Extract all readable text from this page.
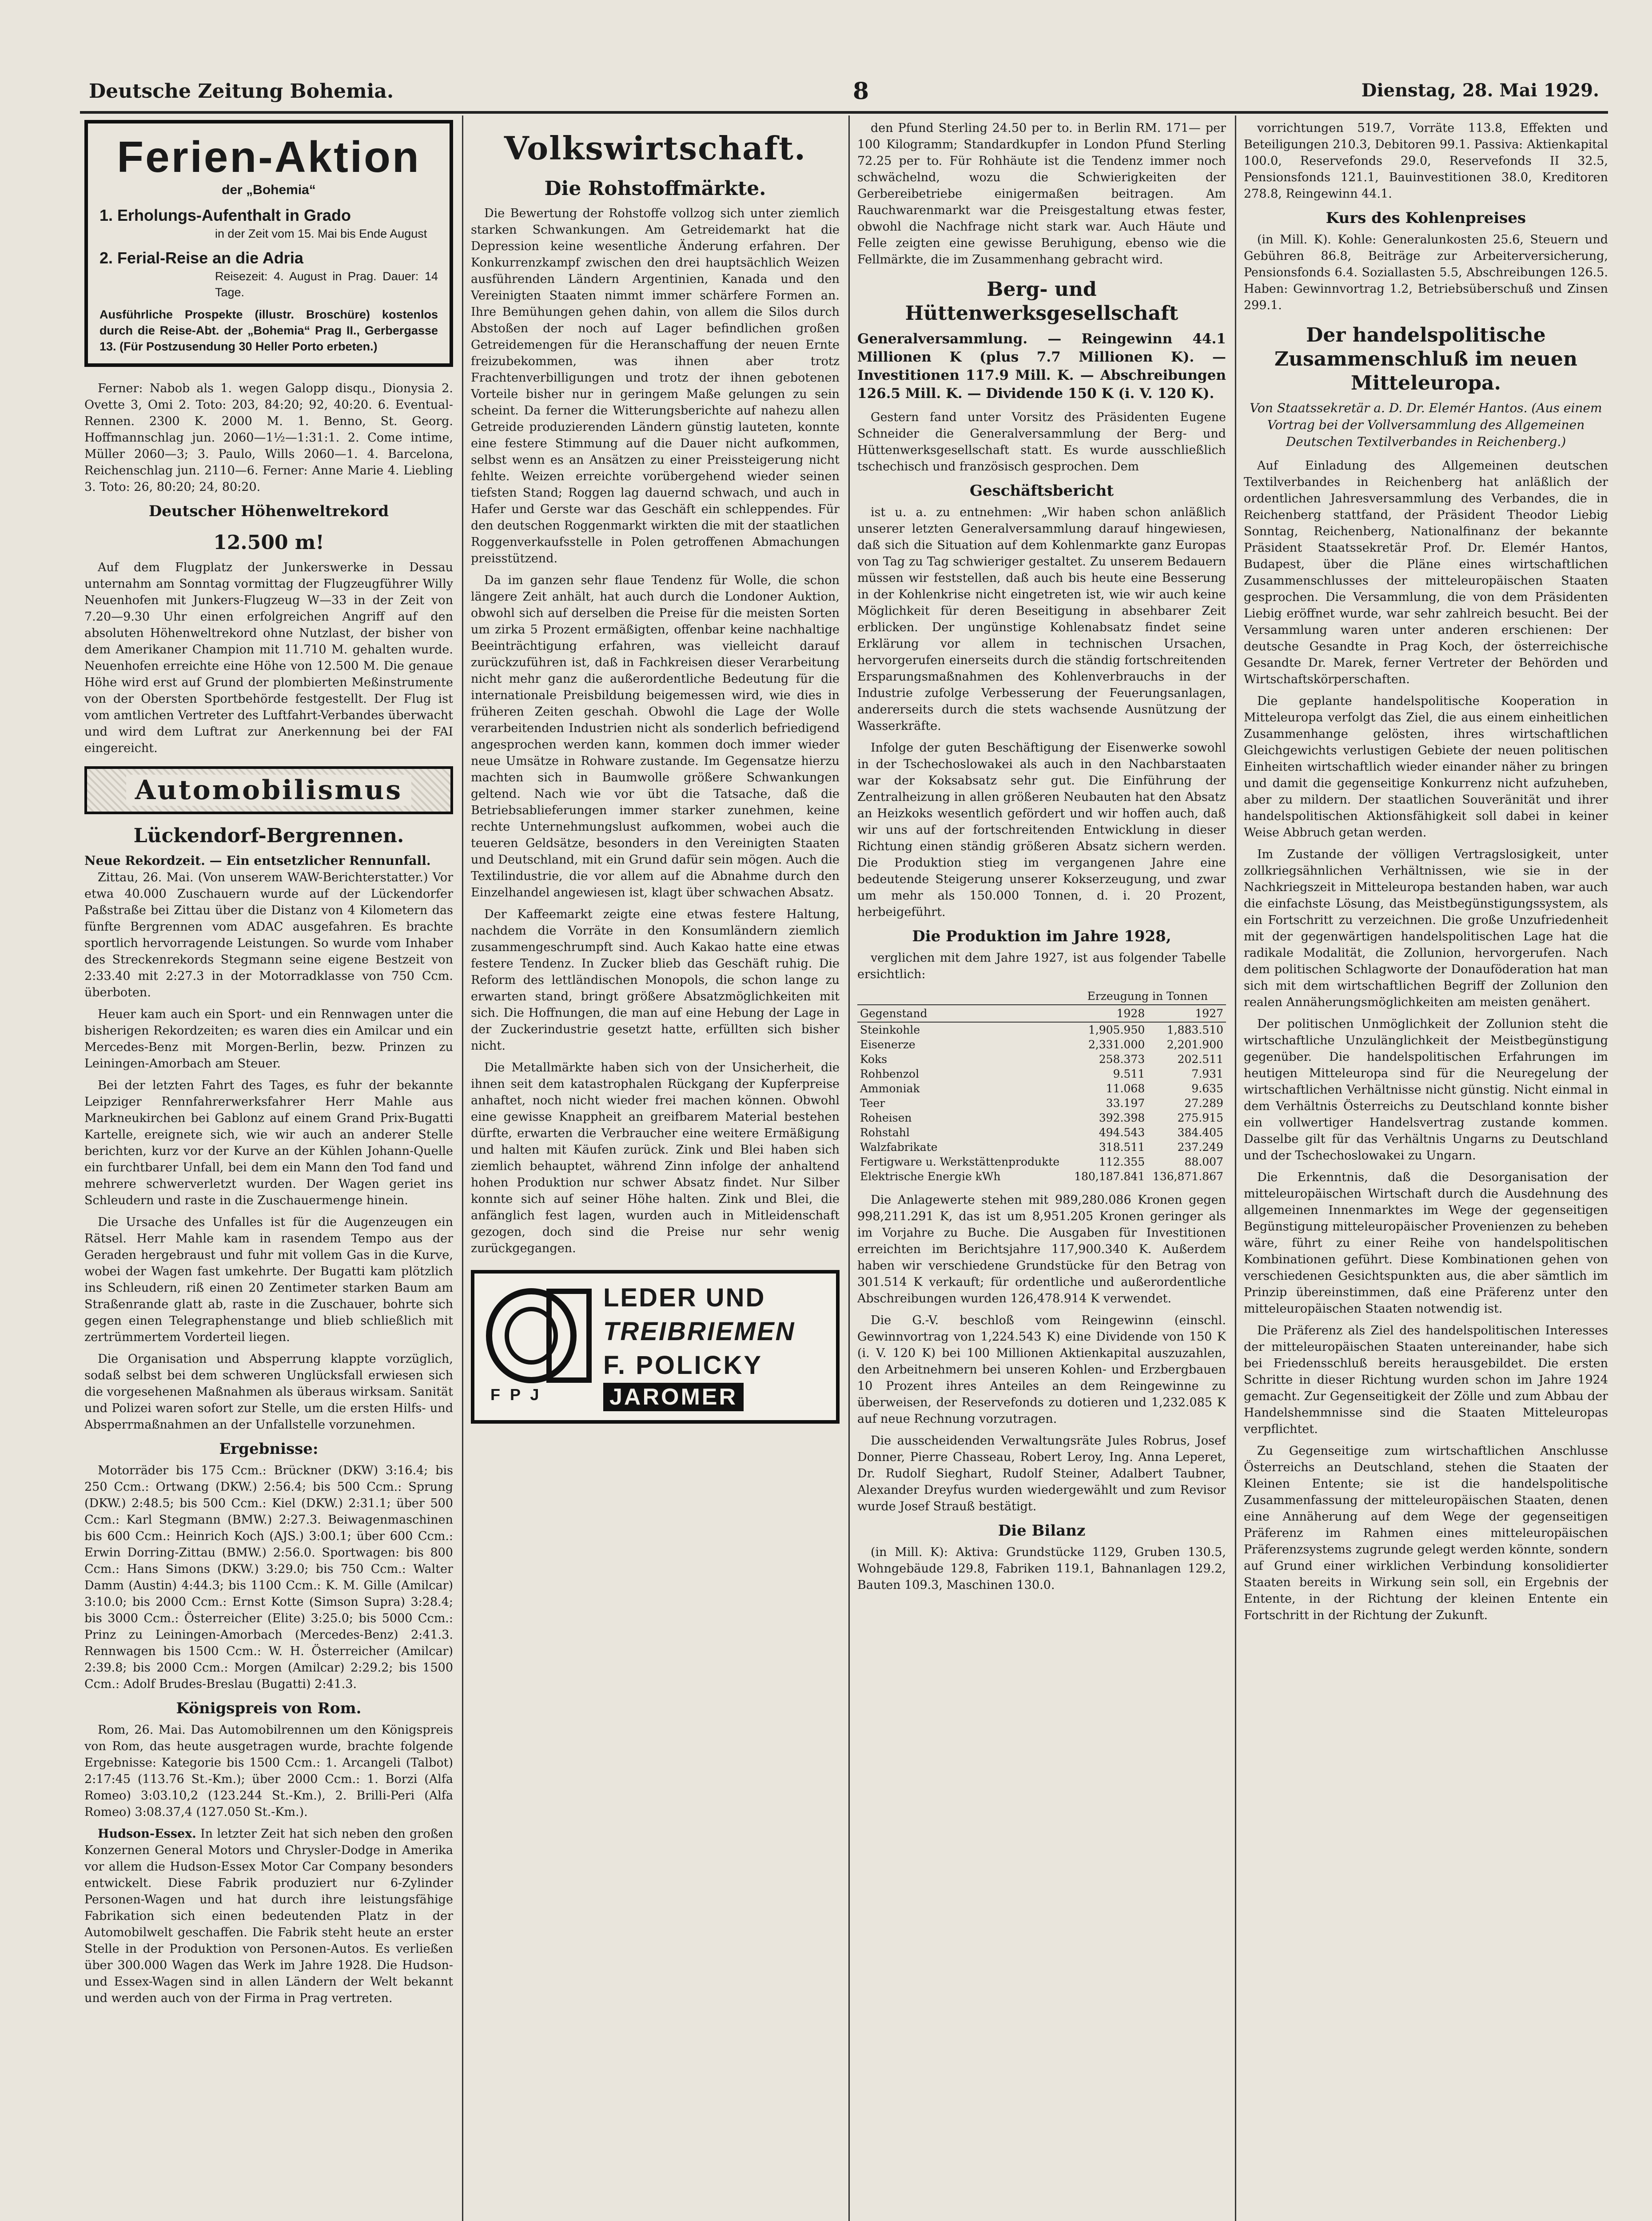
Deutsche Zeitung Bohemia.	8	Dienstag, 28. Mai 1929.
Ferien-Aktion
der „Bohemia“
1. Erholungs-Aufenthalt in Grado
in der Zeit vom 15. Mai bis Ende August
2. Ferial-Reise an die Adria
Reisezeit: 4. August in Prag. Dauer: 14 Tage.
Ausführliche Prospekte (illustr. Broschüre) kostenlos durch die Reise-Abt. der „Bohemia“ Prag II., Gerbergasse 13. (Für Postzusendung 30 Heller Porto erbeten.)

Ferner: Nabob als 1. wegen Galopp disqu., Dionysia 2. Ovette 3, Omi 2. Toto: 203, 84:20; 92, 40:20. 6. Eventual-Rennen. 2300 K. 2000 M. 1. Benno, St. Georg. Hoffmannschlag jun. 2060—1½—1:31:1. 2. Come intime, Müller 2060—3; 3. Paulo, Wills 2060—1. 4. Barcelona, Reichenschlag jun. 2110—6. Ferner: Anne Marie 4. Liebling 3. Toto: 26, 80:20; 24, 80:20.

Deutscher Höhenweltrekord
12.500 m!

Auf dem Flugplatz der Junkerswerke in Dessau unternahm am Sonntag vormittag der Flugzeugführer Willy Neuenhofen mit Junkers-Flugzeug W—33 in der Zeit von 7.20—9.30 Uhr einen erfolgreichen Angriff auf den absoluten Höhenweltrekord ohne Nutzlast, der bisher von dem Amerikaner Champion mit 11.710 M. gehalten wurde. Neuenhofen erreichte eine Höhe von 12.500 M. Die genaue Höhe wird erst auf Grund der plombierten Meßinstrumente von der Obersten Sportbehörde festgestellt. Der Flug ist vom amtlichen Vertreter des Luftfahrt-Verbandes überwacht und wird dem Luftrat zur Anerkennung bei der FAI eingereicht.

Automobilismus
Lückendorf-Bergrennen.
Neue Rekordzeit. — Ein entsetzlicher Rennunfall.

Zittau, 26. Mai. (Von unserem WAW-Berichterstatter.) Vor etwa 40.000 Zuschauern wurde auf der Lückendorfer Paßstraße bei Zittau über die Distanz von 4 Kilometern das fünfte Bergrennen vom ADAC ausgefahren. Es brachte sportlich hervorragende Leistungen. So wurde vom Inhaber des Streckenrekords Stegmann seine eigene Bestzeit von 2:33.40 mit 2:27.3 in der Motorradklasse von 750 Ccm. überboten.

Heuer kam auch ein Sport- und ein Rennwagen unter die bisherigen Rekordzeiten; es waren dies ein Amilcar und ein Mercedes-Benz mit Morgen-Berlin, bezw. Prinzen zu Leiningen-Amorbach am Steuer.

Bei der letzten Fahrt des Tages, es fuhr der bekannte Leipziger Rennfahrerwerksfahrer Herr Mahle aus Markneukirchen bei Gablonz auf einem Grand Prix-Bugatti Kartelle, ereignete sich, wie wir auch an anderer Stelle berichten, kurz vor der Kurve an der Kühlen Johann-Quelle ein furchtbarer Unfall, bei dem ein Mann den Tod fand und mehrere schwerverletzt wurden. Der Wagen geriet ins Schleudern und raste in die Zuschauermenge hinein.

Die Ursache des Unfalles ist für die Augenzeugen ein Rätsel. Herr Mahle kam in rasendem Tempo aus der Geraden hergebraust und fuhr mit vollem Gas in die Kurve, wobei der Wagen fast umkehrte. Der Bugatti kam plötzlich ins Schleudern, riß einen 20 Zentimeter starken Baum am Straßenrande glatt ab, raste in die Zuschauer, bohrte sich gegen einen Telegraphenstange und blieb schließlich mit zertrümmertem Vorderteil liegen.

Die Organisation und Absperrung klappte vorzüglich, sodaß selbst bei dem schweren Unglücksfall erwiesen sich die vorgesehenen Maßnahmen als überaus wirksam. Sanität und Polizei waren sofort zur Stelle, um die ersten Hilfs- und Absperrmaßnahmen an der Unfallstelle vorzunehmen.

Ergebnisse:

Motorräder bis 175 Ccm.: Brückner (DKW) 3:16.4; bis 250 Ccm.: Ortwang (DKW.) 2:56.4; bis 500 Ccm.: Sprung (DKW.) 2:48.5; bis 500 Ccm.: Kiel (DKW.) 2:31.1; über 500 Ccm.: Karl Stegmann (BMW.) 2:27.3. Beiwagenmaschinen bis 600 Ccm.: Heinrich Koch (AJS.) 3:00.1; über 600 Ccm.: Erwin Dorring-Zittau (BMW.) 2:56.0. Sportwagen: bis 800 Ccm.: Hans Simons (DKW.) 3:29.0; bis 750 Ccm.: Walter Damm (Austin) 4:44.3; bis 1100 Ccm.: K. M. Gille (Amilcar) 3:10.0; bis 2000 Ccm.: Ernst Kotte (Simson Supra) 3:28.4; bis 3000 Ccm.: Österreicher (Elite) 3:25.0; bis 5000 Ccm.: Prinz zu Leiningen-Amorbach (Mercedes-Benz) 2:41.3. Rennwagen bis 1500 Ccm.: W. H. Österreicher (Amilcar) 2:39.8; bis 2000 Ccm.: Morgen (Amilcar) 2:29.2; bis 1500 Ccm.: Adolf Brudes-Breslau (Bugatti) 2:41.3.

Königspreis von Rom.

Rom, 26. Mai. Das Automobilrennen um den Königspreis von Rom, das heute ausgetragen wurde, brachte folgende Ergebnisse: Kategorie bis 1500 Ccm.: 1. Arcangeli (Talbot) 2:17:45 (113.76 St.-Km.); über 2000 Ccm.: 1. Borzi (Alfa Romeo) 3:03.10,2 (123.244 St.-Km.), 2. Brilli-Peri (Alfa Romeo) 3:08.37,4 (127.050 St.-Km.).

Hudson-Essex. In letzter Zeit hat sich neben den großen Konzernen General Motors und Chrysler-Dodge in Amerika vor allem die Hudson-Essex Motor Car Company besonders entwickelt. Diese Fabrik produziert nur 6-Zylinder Personen-Wagen und hat durch ihre leistungsfähige Fabrikation sich einen bedeutenden Platz in der Automobilwelt geschaffen. Die Fabrik steht heute an erster Stelle in der Produktion von Personen-Autos. Es verließen über 300.000 Wagen das Werk im Jahre 1928. Die Hudson- und Essex-Wagen sind in allen Ländern der Welt bekannt und werden auch von der Firma in Prag vertreten.

Volkswirtschaft.
Die Rohstoffmärkte.

Die Bewertung der Rohstoffe vollzog sich unter ziemlich starken Schwankungen. Am Getreidemarkt hat die Depression keine wesentliche Änderung erfahren. Der Konkurrenzkampf zwischen den drei hauptsächlich Weizen ausführenden Ländern Argentinien, Kanada und den Vereinigten Staaten nimmt immer schärfere Formen an. Ihre Bemühungen gehen dahin, von allem die Silos durch Abstoßen der noch auf Lager befindlichen großen Getreidemengen für die Heranschaffung der neuen Ernte freizubekommen, was ihnen aber trotz Frachtenverbilligungen und trotz der ihnen gebotenen Vorteile bisher nur in geringem Maße gelungen zu sein scheint. Da ferner die Witterungsberichte auf nahezu allen Getreide produzierenden Ländern günstig lauteten, konnte eine festere Stimmung auf die Dauer nicht aufkommen, selbst wenn es an Ansätzen zu einer Preissteigerung nicht fehlte. Weizen erreichte vorübergehend wieder seinen tiefsten Stand; Roggen lag dauernd schwach, und auch in Hafer und Gerste war das Geschäft ein schleppendes. Für den deutschen Roggenmarkt wirkten die mit der staatlichen Roggenverkaufsstelle in Polen getroffenen Abmachungen preisstützend.

Da im ganzen sehr flaue Tendenz für Wolle, die schon längere Zeit anhält, hat auch durch die Londoner Auktion, obwohl sich auf derselben die Preise für die meisten Sorten um zirka 5 Prozent ermäßigten, offenbar keine nachhaltige Beeinträchtigung erfahren, was vielleicht darauf zurückzuführen ist, daß in Fachkreisen dieser Verarbeitung nicht mehr ganz die außerordentliche Bedeutung für die internationale Preisbildung beigemessen wird, wie dies in früheren Zeiten geschah. Obwohl die Lage der Wolle verarbeitenden Industrien nicht als sonderlich befriedigend angesprochen werden kann, kommen doch immer wieder neue Umsätze in Rohware zustande. Im Gegensatze hierzu machten sich in Baumwolle größere Schwankungen geltend. Nach wie vor übt die Tatsache, daß die Betriebsablieferungen immer starker zunehmen, keine rechte Unternehmungslust aufkommen, wobei auch die teueren Geldsätze, besonders in den Vereinigten Staaten und Deutschland, mit ein Grund dafür sein mögen. Auch die Textilindustrie, die vor allem auf die Abnahme durch den Einzelhandel angewiesen ist, klagt über schwachen Absatz.

Der Kaffeemarkt zeigte eine etwas festere Haltung, nachdem die Vorräte in den Konsumländern ziemlich zusammengeschrumpft sind. Auch Kakao hatte eine etwas festere Tendenz. In Zucker blieb das Geschäft ruhig. Die Reform des lettländischen Monopols, die schon lange zu erwarten stand, bringt größere Absatzmöglichkeiten mit sich. Die Hoffnungen, die man auf eine Hebung der Lage in der Zuckerindustrie gesetzt hatte, erfüllten sich bisher nicht.

Die Metallmärkte haben sich von der Unsicherheit, die ihnen seit dem katastrophalen Rückgang der Kupferpreise anhaftet, noch nicht wieder frei machen können. Obwohl eine gewisse Knappheit an greifbarem Material bestehen dürfte, erwarten die Verbraucher eine weitere Ermäßigung und halten mit Käufen zurück. Zink und Blei haben sich ziemlich behauptet, während Zinn infolge der anhaltend hohen Produktion nur schwer Absatz findet. Nur Silber konnte sich auf seiner Höhe halten. Zink und Blei, die anfänglich fest lagen, wurden auch in Mitleidenschaft gezogen, doch sind die Preise nur sehr wenig zurückgegangen.

F P J
LEDER UND
TREIBRIEMEN
F. POLICKY
JAROMER

den Pfund Sterling 24.50 per to. in Berlin RM. 171— per 100 Kilogramm; Standardkupfer in London Pfund Sterling 72.25 per to. Für Rohhäute ist die Tendenz immer noch schwächelnd, wozu die Schwierigkeiten der Gerbereibetriebe einigermaßen beitragen. Am Rauchwarenmarkt war die Preisgestaltung etwas fester, obwohl die Nachfrage nicht stark war. Auch Häute und Felle zeigten eine gewisse Beruhigung, ebenso wie die Fellmärkte, die im Zusammenhang gebracht wird.

Berg- und Hüttenwerksgesellschaft
Generalversammlung. — Reingewinn 44.1 Millionen K (plus 7.7 Millionen K). — Investitionen 117.9 Mill. K. — Abschreibungen 126.5 Mill. K. — Dividende 150 K (i. V. 120 K).

Gestern fand unter Vorsitz des Präsidenten Eugene Schneider die Generalversammlung der Berg- und Hüttenwerksgesellschaft statt. Es wurde ausschließlich tschechisch und französisch gesprochen. Dem

Geschäftsbericht

ist u. a. zu entnehmen: „Wir haben schon anläßlich unserer letzten Generalversammlung darauf hingewiesen, daß sich die Situation auf dem Kohlenmarkte ganz Europas von Tag zu Tag schwieriger gestaltet. Zu unserem Bedauern müssen wir feststellen, daß auch bis heute eine Besserung in der Kohlenkrise nicht eingetreten ist, wie wir auch keine Möglichkeit für deren Beseitigung in absehbarer Zeit erblicken. Der ungünstige Kohlenabsatz findet seine Erklärung vor allem in technischen Ursachen, hervorgerufen einerseits durch die ständig fortschreitenden Ersparungsmaßnahmen des Kohlenverbrauchs in der Industrie zufolge Verbesserung der Feuerungsanlagen, andererseits durch die stets wachsende Ausnützung der Wasserkräfte.

Infolge der guten Beschäftigung der Eisenwerke sowohl in der Tschechoslowakei als auch in den Nachbarstaaten war der Koksabsatz sehr gut. Die Einführung der Zentralheizung in allen größeren Neubauten hat den Absatz an Heizkoks wesentlich gefördert und wir hoffen auch, daß wir uns auf der fortschreitenden Entwicklung in dieser Richtung einen ständig größeren Absatz sichern werden. Die Produktion stieg im vergangenen Jahre eine bedeutende Steigerung unserer Kokserzeugung, und zwar um mehr als 150.000 Tonnen, d. i. 20 Prozent, herbeigeführt.

Die Produktion im Jahre 1928,

verglichen mit dem Jahre 1927, ist aus folgender Tabelle ersichtlich:

	Erzeugung in Tonnen	
Gegenstand	1928	1927
Steinkohle	1,905.950	1,883.510
Eisenerze	2,331.000	2,201.900
Koks	258.373	202.511
Rohbenzol	9.511	7.931
Ammoniak	11.068	9.635
Teer	33.197	27.289
Roheisen	392.398	275.915
Rohstahl	494.543	384.405
Walzfabrikate	318.511	237.249
Fertigware u. Werkstättenprodukte	112.355	88.007
Elektrische Energie kWh	180,187.841	136,871.867

Die Anlagewerte stehen mit 989,280.086 Kronen gegen 998,211.291 K, das ist um 8,951.205 Kronen geringer als im Vorjahre zu Buche. Die Ausgaben für Investitionen erreichten im Berichtsjahre 117,900.340 K. Außerdem haben wir verschiedene Grundstücke für den Betrag von 301.514 K verkauft; für ordentliche und außerordentliche Abschreibungen wurden 126,478.914 K verwendet.

Die G.-V. beschloß vom Reingewinn (einschl. Gewinnvortrag von 1,224.543 K) eine Dividende von 150 K (i. V. 120 K) bei 100 Millionen Aktienkapital auszuzahlen, den Arbeitnehmern bei unseren Kohlen- und Erzbergbauen 10 Prozent ihres Anteiles an dem Reingewinne zu überweisen, der Reservefonds zu dotieren und 1,232.085 K auf neue Rechnung vorzutragen.

Die ausscheidenden Verwaltungsräte Jules Robrus, Josef Donner, Pierre Chasseau, Robert Leroy, Ing. Anna Leperet, Dr. Rudolf Sieghart, Rudolf Steiner, Adalbert Taubner, Alexander Dreyfus wurden wiedergewählt und zum Revisor wurde Josef Strauß bestätigt.

Die Bilanz

(in Mill. K): Aktiva: Grundstücke 1129, Gruben 130.5, Wohngebäude 129.8, Fabriken 119.1, Bahnanlagen 129.2, Bauten 109.3, Maschinen 130.0.

vorrichtungen 519.7, Vorräte 113.8, Effekten und Beteiligungen 210.3, Debitoren 99.1. Passiva: Aktienkapital 100.0, Reservefonds 29.0, Reservefonds II 32.5, Pensionsfonds 121.1, Bauinvestitionen 38.0, Kreditoren 278.8, Reingewinn 44.1.

Kurs des Kohlenpreises

(in Mill. K). Kohle: Generalunkosten 25.6, Steuern und Gebühren 86.8, Beiträge zur Arbeiterversicherung, Pensionsfonds 6.4. Soziallasten 5.5, Abschreibungen 126.5. Haben: Gewinnvortrag 1.2, Betriebsüberschuß und Zinsen 299.1.

Der handelspolitische Zusammenschluß im neuen Mitteleuropa.
Von Staatssekretär a. D. Dr. Elemér Hantos. (Aus einem Vortrag bei der Vollversammlung des Allgemeinen Deutschen Textilverbandes in Reichenberg.)

Auf Einladung des Allgemeinen deutschen Textilverbandes in Reichenberg hat anläßlich der ordentlichen Jahresversammlung des Verbandes, die in Reichenberg stattfand, der Präsident Theodor Liebig Sonntag, Reichenberg, Nationalfinanz der bekannte Präsident Staatssekretär Prof. Dr. Elemér Hantos, Budapest, über die Pläne eines wirtschaftlichen Zusammenschlusses der mitteleuropäischen Staaten gesprochen. Die Versammlung, die von dem Präsidenten Liebig eröffnet wurde, war sehr zahlreich besucht. Bei der Versammlung waren unter anderen erschienen: Der deutsche Gesandte in Prag Koch, der österreichische Gesandte Dr. Marek, ferner Vertreter der Behörden und Wirtschaftskörperschaften.

Die geplante handelspolitische Kooperation in Mitteleuropa verfolgt das Ziel, die aus einem einheitlichen Zusammenhange gelösten, ihres wirtschaftlichen Gleichgewichts verlustigen Gebiete der neuen politischen Einheiten wirtschaftlich wieder einander näher zu bringen und damit die gegenseitige Konkurrenz nicht aufzuheben, aber zu mildern. Der staatlichen Souveränität und ihrer handelspolitischen Aktionsfähigkeit soll dabei in keiner Weise Abbruch getan werden.

Im Zustande der völligen Vertragslosigkeit, unter zollkriegsähnlichen Verhältnissen, wie sie in der Nachkriegszeit in Mitteleuropa bestanden haben, war auch die einfachste Lösung, das Meistbegünstigungssystem, als ein Fortschritt zu verzeichnen. Die große Unzufriedenheit mit der gegenwärtigen handelspolitischen Lage hat die radikale Modalität, die Zollunion, hervorgerufen. Nach dem politischen Schlagworte der Donauföderation hat man sich mit dem wirtschaftlichen Begriff der Zollunion den realen Annäherungsmöglichkeiten am meisten genähert.

Der politischen Unmöglichkeit der Zollunion steht die wirtschaftliche Unzulänglichkeit der Meistbegünstigung gegenüber. Die handelspolitischen Erfahrungen im heutigen Mitteleuropa sind für die Neuregelung der wirtschaftlichen Verhältnisse nicht günstig. Nicht einmal in dem Verhältnis Österreichs zu Deutschland konnte bisher ein vollwertiger Handelsvertrag zustande kommen. Dasselbe gilt für das Verhältnis Ungarns zu Deutschland und der Tschechoslowakei zu Ungarn.

Die Erkenntnis, daß die Desorganisation der mitteleuropäischen Wirtschaft durch die Ausdehnung des allgemeinen Innenmarktes im Wege der gegenseitigen Begünstigung mitteleuropäischer Provenienzen zu beheben wäre, führt zu einer Reihe von handelspolitischen Kombinationen geführt. Diese Kombinationen gehen von verschiedenen Gesichtspunkten aus, die aber sämtlich im Prinzip übereinstimmen, daß eine Präferenz unter den mitteleuropäischen Staaten notwendig ist.

Die Präferenz als Ziel des handelspolitischen Interesses der mitteleuropäischen Staaten untereinander, habe sich bei Friedensschluß bereits herausgebildet. Die ersten Schritte in dieser Richtung wurden schon im Jahre 1924 gemacht. Zur Gegenseitigkeit der Zölle und zum Abbau der Handelshemmnisse sind die Staaten Mitteleuropas verpflichtet.

Zu Gegenseitige zum wirtschaftlichen Anschlusse Österreichs an Deutschland, stehen die Staaten der Kleinen Entente; sie ist die handelspolitische Zusammenfassung der mitteleuropäischen Staaten, denen eine Annäherung auf dem Wege der gegenseitigen Präferenz im Rahmen eines mitteleuropäischen Präferenzsystems zugrunde gelegt werden könnte, sondern auf Grund einer wirklichen Verbindung konsolidierter Staaten bereits in Wirkung sein soll, ein Ergebnis der Entente, in der Richtung der kleinen Entente ein Fortschritt in der Richtung der Zukunft.
